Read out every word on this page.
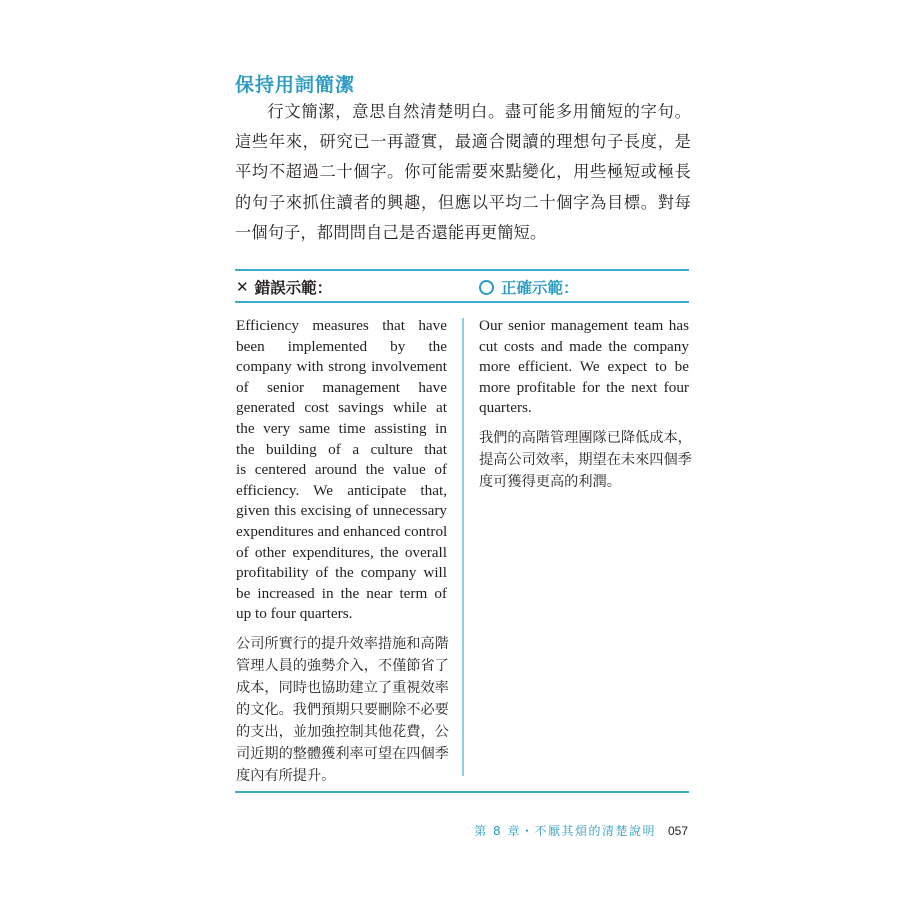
保持用詞簡潔

行文簡潔，意思自然清楚明白。盡可能多用簡短的字句。這些年來，研究已一再證實，最適合閱讀的理想句子長度，是平均不超過二十個字。你可能需要來點變化，用些極短或極長的句子來抓住讀者的興趣，但應以平均二十個字為目標。對每一個句子，都問問自己是否還能再更簡短。

✕ 錯誤示範：	正確示範：

Efficiency measures that have
been implemented by the
company with strong involvement
of senior management have
generated cost savings while at
the very same time assisting in
the building of a culture that
is centered around the value of
efficiency. We anticipate that,
given this excising of unnecessary
expenditures and enhanced control
of other expenditures, the overall
profitability of the company will
be increased in the near term of
up to four quarters.

公司所實行的提升效率措施和高階
管理人員的強勢介入，不僅節省了
成本，同時也協助建立了重視效率
的文化。我們預期只要刪除不必要
的支出，並加強控制其他花費，公
司近期的整體獲利率可望在四個季
度內有所提升。

Our senior management team has
cut costs and made the company
more efficient. We expect to be
more profitable for the next four
quarters.

我們的高階管理團隊已降低成本，
提高公司效率，期望在未來四個季
度可獲得更高的利潤。

第 8 章・不厭其煩的清楚說明 057
